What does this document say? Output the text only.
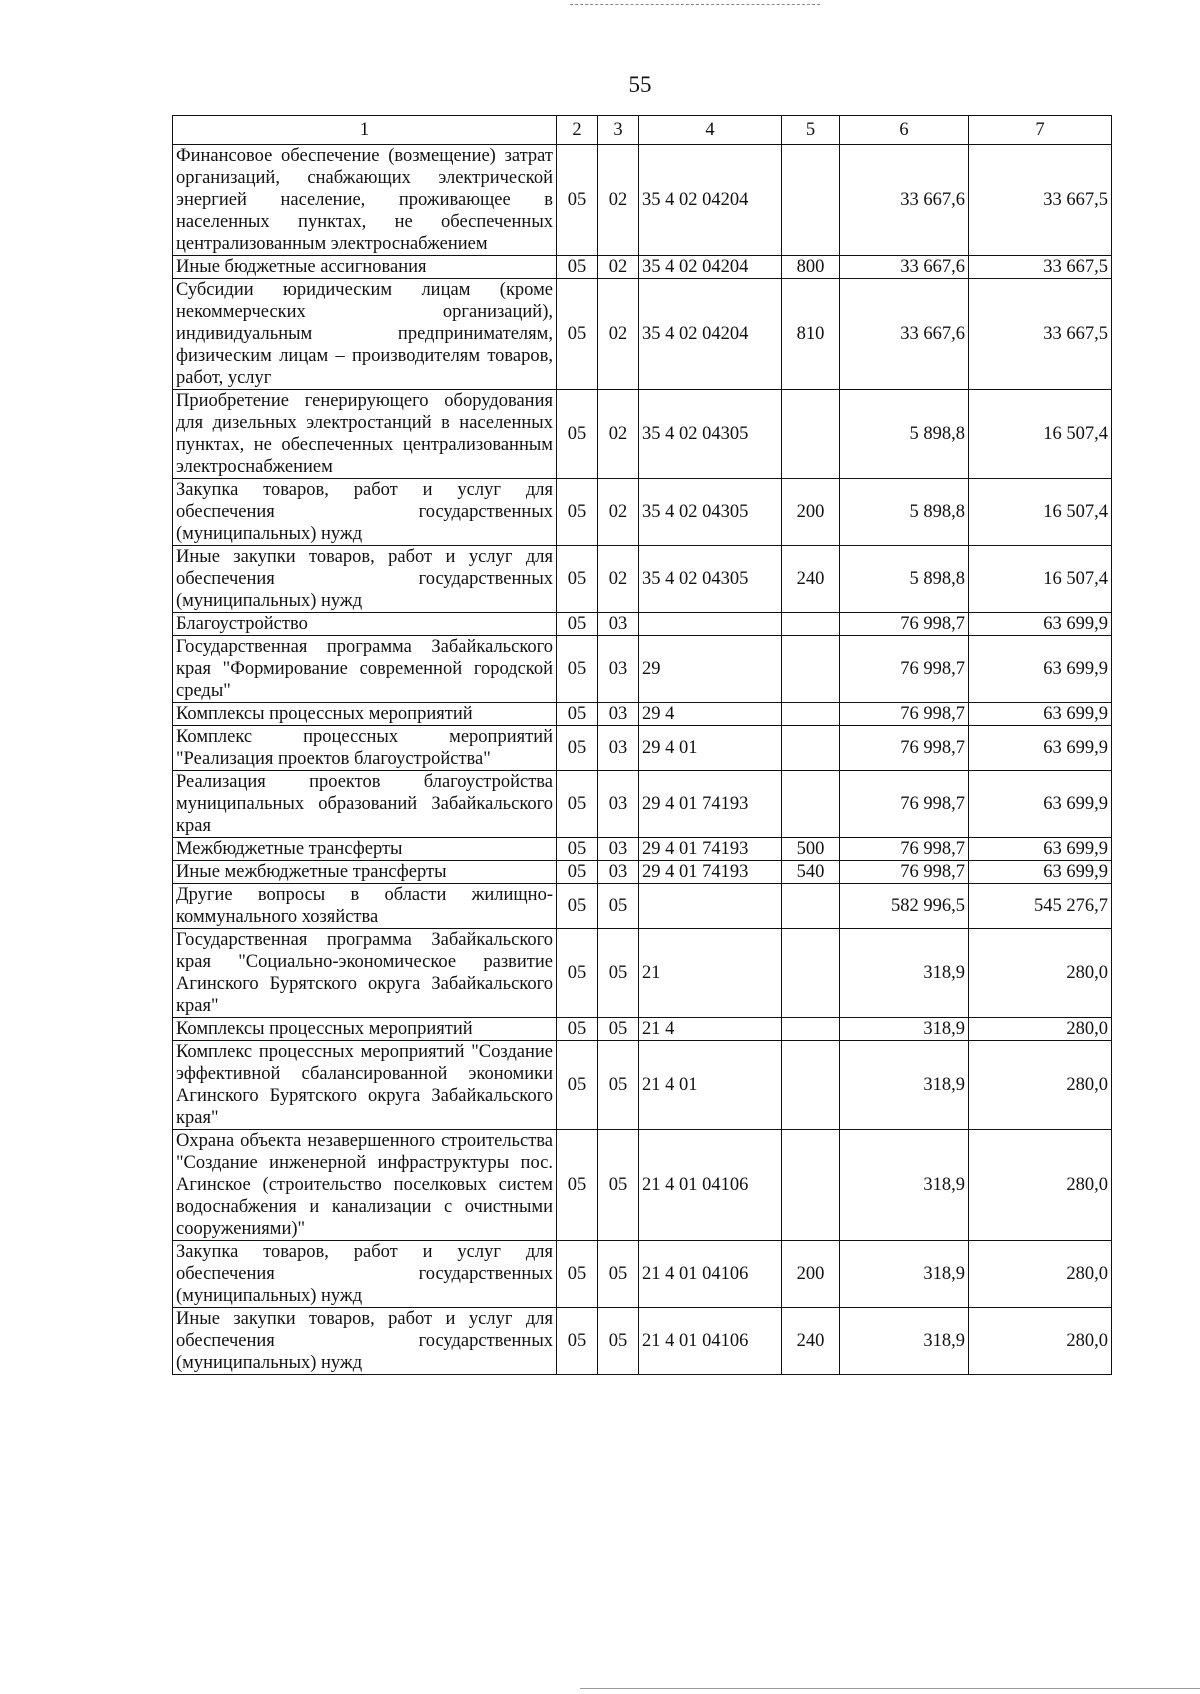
55
1	2	3	4	5	6	7
Финансовое обеспечение (возмещение) затрат организаций, снабжающих электрической энергией население, проживающее в населенных пунктах, не обеспеченных централизованным электроснабжением	05	02	35 4 02 04204		33 667,6	33 667,5
Иные бюджетные ассигнования	05	02	35 4 02 04204	800	33 667,6	33 667,5
Субсидии юридическим лицам (кроме некоммерческих организаций), индивидуальным предпринимателям, физическим лицам – производителям товаров, работ, услуг	05	02	35 4 02 04204	810	33 667,6	33 667,5
Приобретение генерирующего оборудования для дизельных электростанций в населенных пунктах, не обеспеченных централизованным электроснабжением	05	02	35 4 02 04305		5 898,8	16 507,4
Закупка товаров, работ и услуг для обеспечения государственных (муниципальных) нужд	05	02	35 4 02 04305	200	5 898,8	16 507,4
Иные закупки товаров, работ и услуг для обеспечения государственных (муниципальных) нужд	05	02	35 4 02 04305	240	5 898,8	16 507,4
Благоустройство	05	03			76 998,7	63 699,9
Государственная программа Забайкальского края "Формирование современной городской среды"	05	03	29		76 998,7	63 699,9
Комплексы процессных мероприятий	05	03	29 4		76 998,7	63 699,9
Комплекс процессных мероприятий "Реализация проектов благоустройства"	05	03	29 4 01		76 998,7	63 699,9
Реализация проектов благоустройства муниципальных образований Забайкальского края	05	03	29 4 01 74193		76 998,7	63 699,9
Межбюджетные трансферты	05	03	29 4 01 74193	500	76 998,7	63 699,9
Иные межбюджетные трансферты	05	03	29 4 01 74193	540	76 998,7	63 699,9
Другие вопросы в области жилищно-коммунального хозяйства	05	05			582 996,5	545 276,7
Государственная программа Забайкальского края "Социально-экономическое развитие Агинского Бурятского округа Забайкальского края"	05	05	21		318,9	280,0
Комплексы процессных мероприятий	05	05	21 4		318,9	280,0
Комплекс процессных мероприятий "Создание эффективной сбалансированной экономики Агинского Бурятского округа Забайкальского края"	05	05	21 4 01		318,9	280,0
Охрана объекта незавершенного строительства "Создание инженерной инфраструктуры пос. Агинское (строительство поселковых систем водоснабжения и канализации с очистными сооружениями)"	05	05	21 4 01 04106		318,9	280,0
Закупка товаров, работ и услуг для обеспечения государственных (муниципальных) нужд	05	05	21 4 01 04106	200	318,9	280,0
Иные закупки товаров, работ и услуг для обеспечения государственных (муниципальных) нужд	05	05	21 4 01 04106	240	318,9	280,0
